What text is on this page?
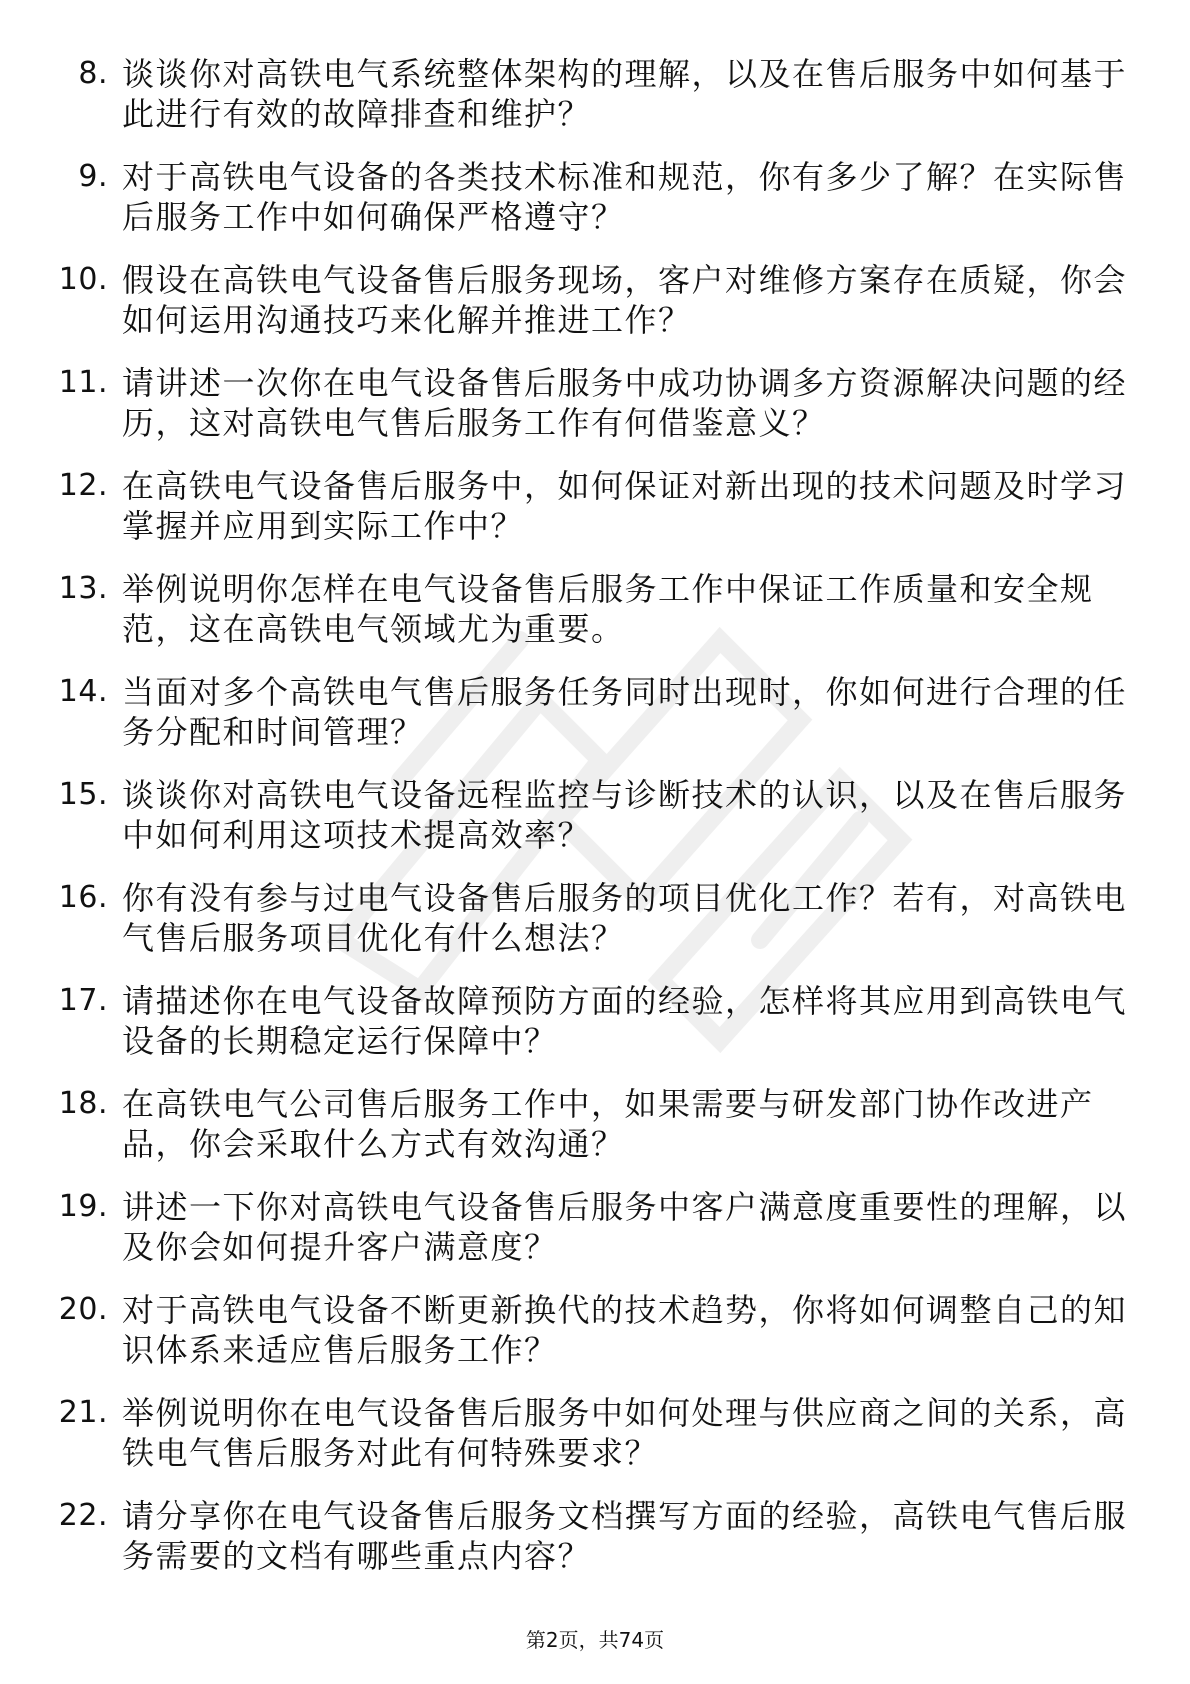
8. 谈谈你对高铁电气系统整体架构的理解，以及在售后服务中如何基于此进行有效的故障排查和维护？
9. 对于高铁电气设备的各类技术标准和规范，你有多少了解？在实际售后服务工作中如何确保严格遵守？
10. 假设在高铁电气设备售后服务现场，客户对维修方案存在质疑，你会如何运用沟通技巧来化解并推进工作？
11. 请讲述一次你在电气设备售后服务中成功协调多方资源解决问题的经历，这对高铁电气售后服务工作有何借鉴意义？
12. 在高铁电气设备售后服务中，如何保证对新出现的技术问题及时学习掌握并应用到实际工作中？
13. 举例说明你怎样在电气设备售后服务工作中保证工作质量和安全规范，这在高铁电气领域尤为重要。
14. 当面对多个高铁电气售后服务任务同时出现时，你如何进行合理的任务分配和时间管理？
15. 谈谈你对高铁电气设备远程监控与诊断技术的认识，以及在售后服务中如何利用这项技术提高效率？
16. 你有没有参与过电气设备售后服务的项目优化工作？若有，对高铁电气售后服务项目优化有什么想法？
17. 请描述你在电气设备故障预防方面的经验，怎样将其应用到高铁电气设备的长期稳定运行保障中？
18. 在高铁电气公司售后服务工作中，如果需要与研发部门协作改进产品，你会采取什么方式有效沟通？
19. 讲述一下你对高铁电气设备售后服务中客户满意度重要性的理解，以及你会如何提升客户满意度？
20. 对于高铁电气设备不断更新换代的技术趋势，你将如何调整自己的知识体系来适应售后服务工作？
21. 举例说明你在电气设备售后服务中如何处理与供应商之间的关系，高铁电气售后服务对此有何特殊要求？
22. 请分享你在电气设备售后服务文档撰写方面的经验，高铁电气售后服务需要的文档有哪些重点内容？
第2页，共74页
